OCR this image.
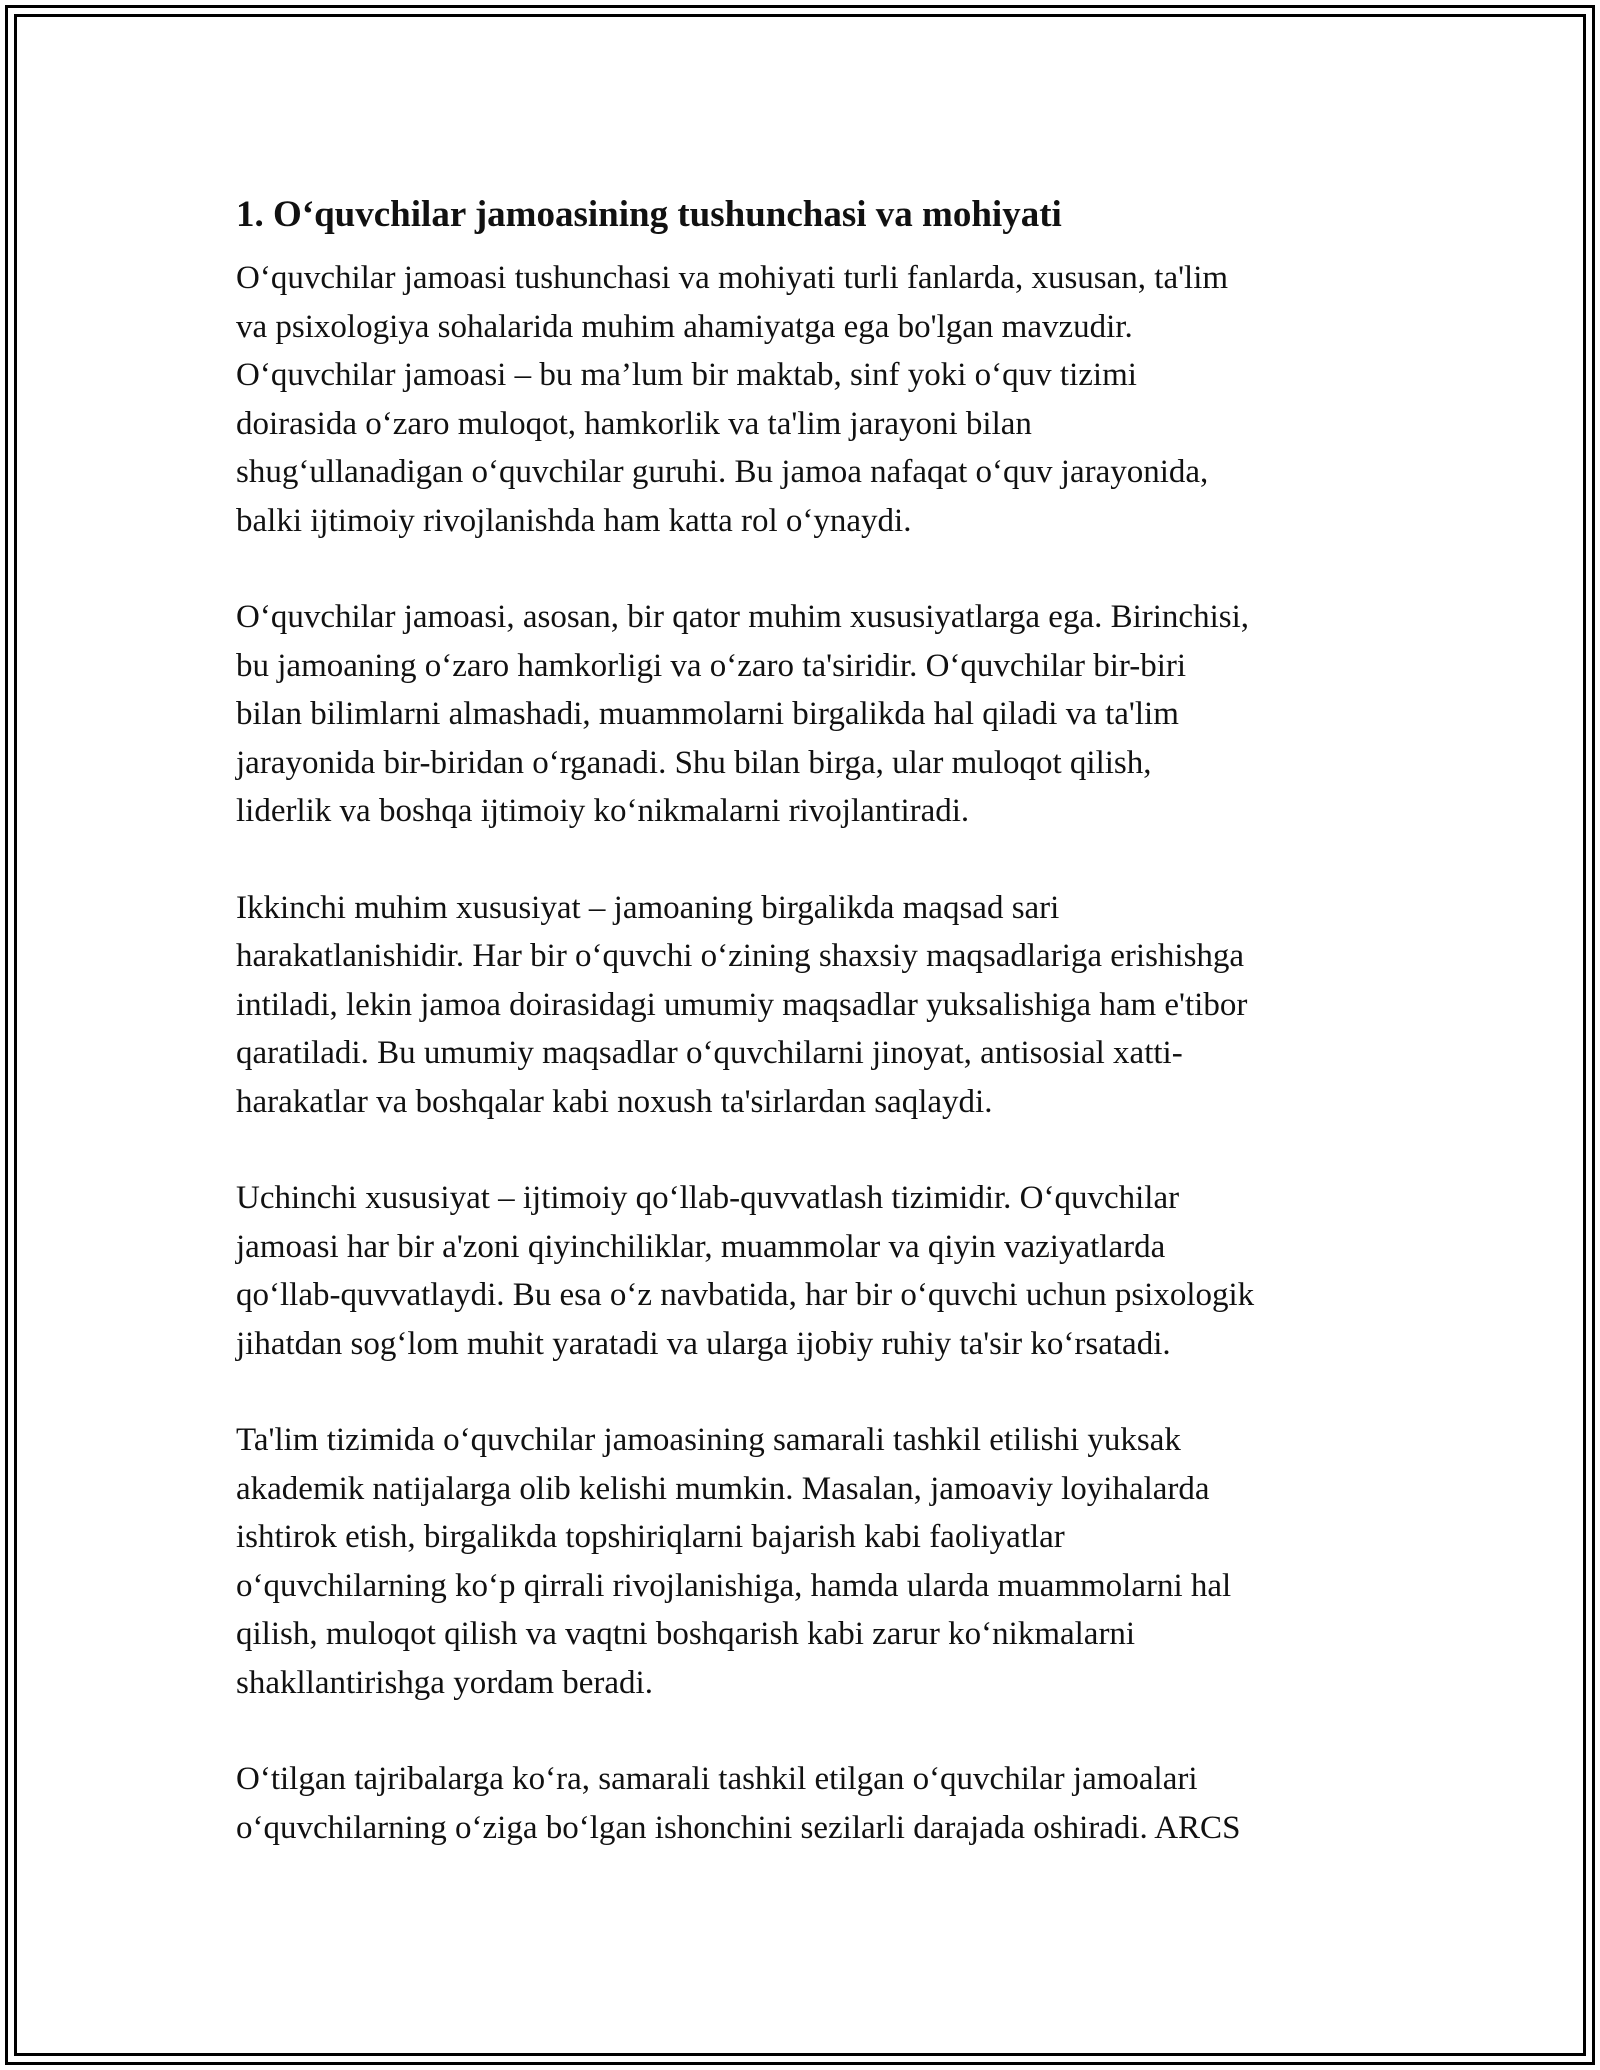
1. O‘quvchilar jamoasining tushunchasi va mohiyati

O‘quvchilar jamoasi tushunchasi va mohiyati turli fanlarda, xususan, ta'lim
va psixologiya sohalarida muhim ahamiyatga ega bo'lgan mavzudir.
O‘quvchilar jamoasi – bu ma’lum bir maktab, sinf yoki o‘quv tizimi
doirasida o‘zaro muloqot, hamkorlik va ta'lim jarayoni bilan
shug‘ullanadigan o‘quvchilar guruhi. Bu jamoa nafaqat o‘quv jarayonida,
balki ijtimoiy rivojlanishda ham katta rol o‘ynaydi.

O‘quvchilar jamoasi, asosan, bir qator muhim xususiyatlarga ega. Birinchisi,
bu jamoaning o‘zaro hamkorligi va o‘zaro ta'siridir. O‘quvchilar bir-biri
bilan bilimlarni almashadi, muammolarni birgalikda hal qiladi va ta'lim
jarayonida bir-biridan o‘rganadi. Shu bilan birga, ular muloqot qilish,
liderlik va boshqa ijtimoiy ko‘nikmalarni rivojlantiradi.

Ikkinchi muhim xususiyat – jamoaning birgalikda maqsad sari
harakatlanishidir. Har bir o‘quvchi o‘zining shaxsiy maqsadlariga erishishga
intiladi, lekin jamoa doirasidagi umumiy maqsadlar yuksalishiga ham e'tibor
qaratiladi. Bu umumiy maqsadlar o‘quvchilarni jinoyat, antisosial xatti-
harakatlar va boshqalar kabi noxush ta'sirlardan saqlaydi.

Uchinchi xususiyat – ijtimoiy qo‘llab-quvvatlash tizimidir. O‘quvchilar
jamoasi har bir a'zoni qiyinchiliklar, muammolar va qiyin vaziyatlarda
qo‘llab-quvvatlaydi. Bu esa o‘z navbatida, har bir o‘quvchi uchun psixologik
jihatdan sog‘lom muhit yaratadi va ularga ijobiy ruhiy ta'sir ko‘rsatadi.

Ta'lim tizimida o‘quvchilar jamoasining samarali tashkil etilishi yuksak
akademik natijalarga olib kelishi mumkin. Masalan, jamoaviy loyihalarda
ishtirok etish, birgalikda topshiriqlarni bajarish kabi faoliyatlar
o‘quvchilarning ko‘p qirrali rivojlanishiga, hamda ularda muammolarni hal
qilish, muloqot qilish va vaqtni boshqarish kabi zarur ko‘nikmalarni
shakllantirishga yordam beradi.

O‘tilgan tajribalarga ko‘ra, samarali tashkil etilgan o‘quvchilar jamoalari
o‘quvchilarning o‘ziga bo‘lgan ishonchini sezilarli darajada oshiradi. ARCS
